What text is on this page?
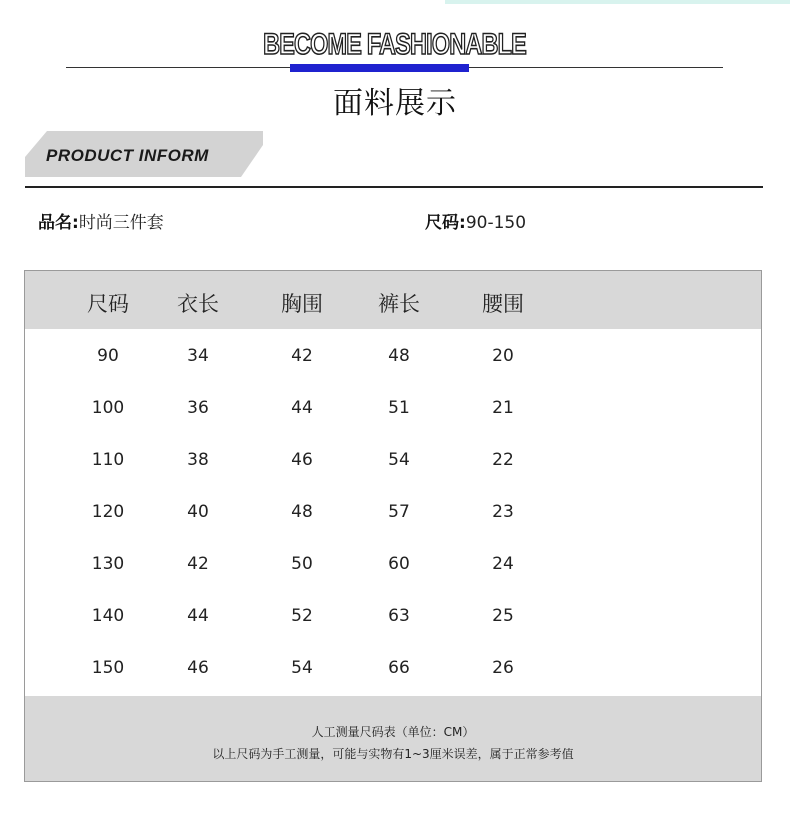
BECOME FASHIONABLE
面料展示
PRODUCT INFORM
品名:时尚三件套	尺码:90-150
尺码	衣长	胸围	裤长	腰围
90	34	42	48	20
100	36	44	51	21
110	38	46	54	22
120	40	48	57	23
130	42	50	60	24
140	44	52	63	25
150	46	54	66	26
人工测量尺码表（单位：CM）
以上尺码为手工测量，可能与实物有1~3厘米误差，属于正常参考值
